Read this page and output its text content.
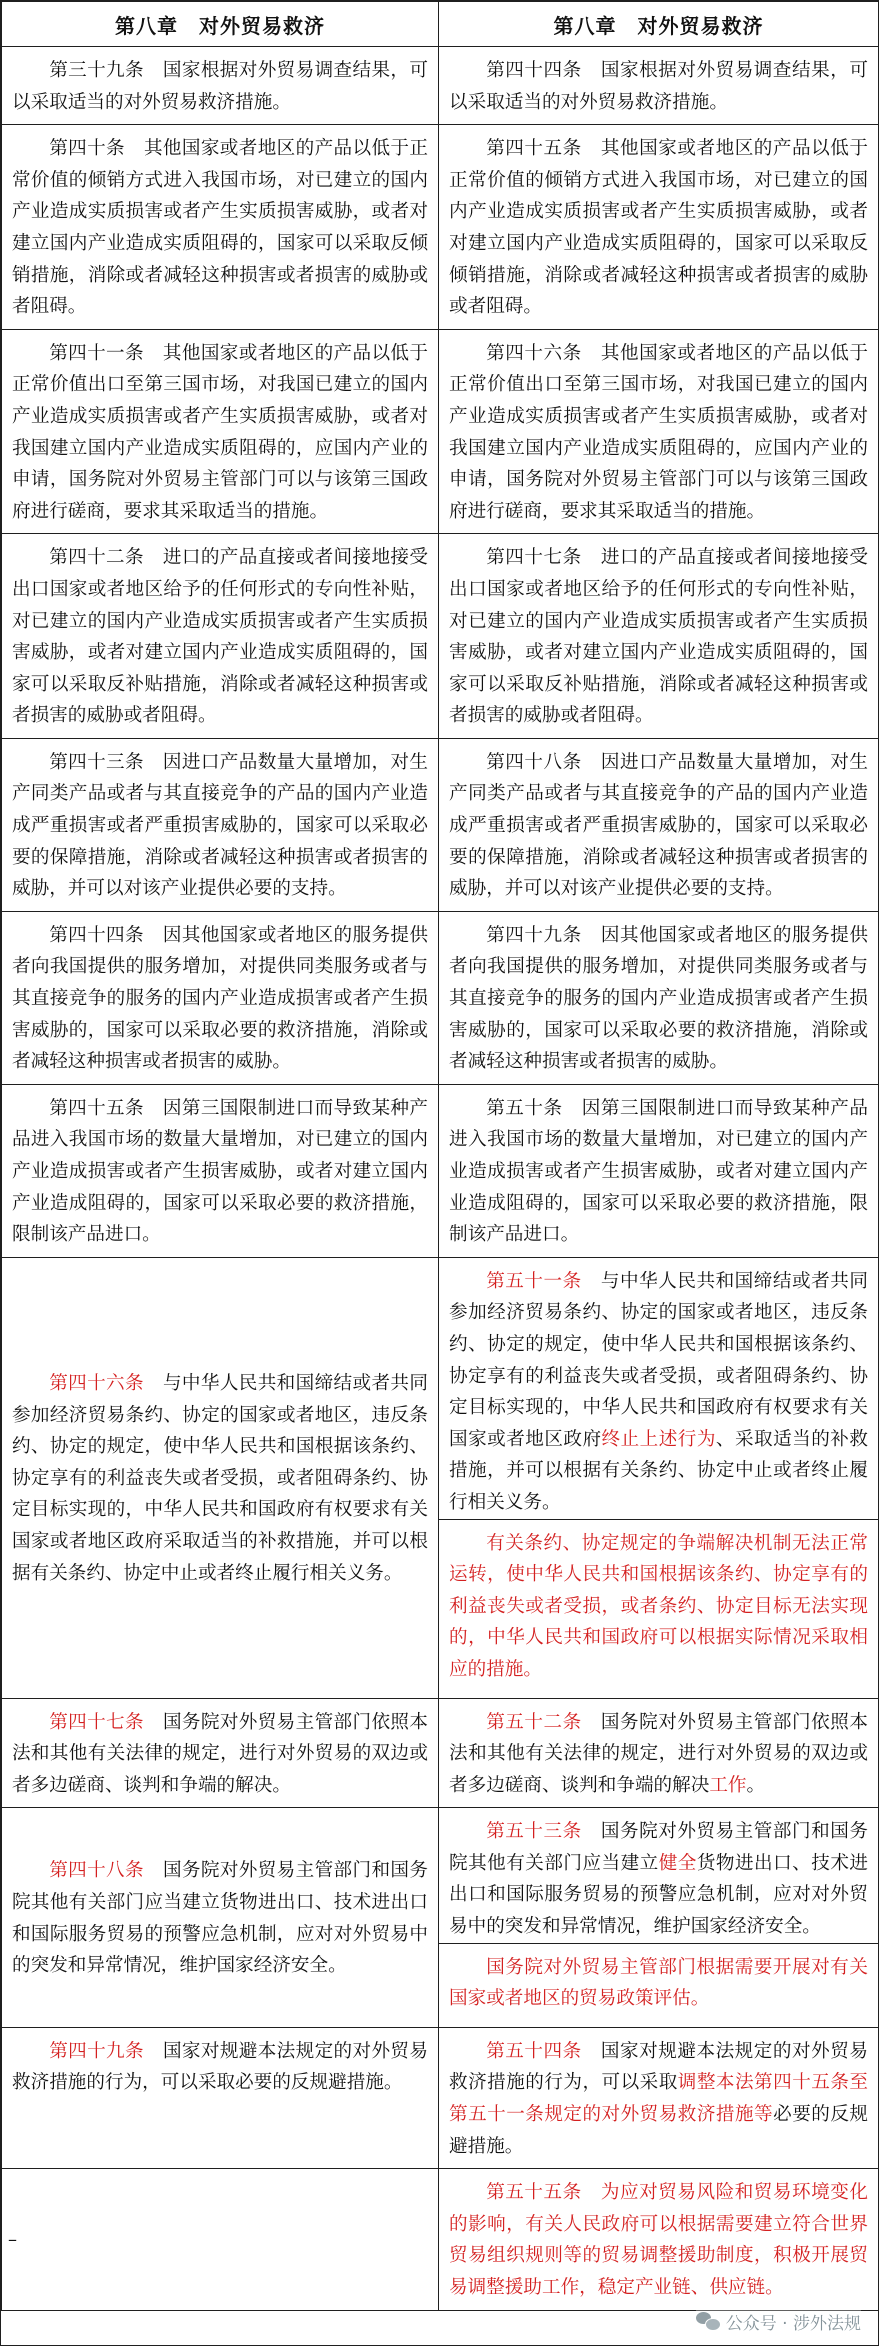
第八章　对外贸易救济	第八章　对外贸易救济

第三十九条　国家根据对外贸易调查结果，可以采取适当的对外贸易救济措施。	第四十四条　国家根据对外贸易调查结果，可以采取适当的对外贸易救济措施。

第四十条　其他国家或者地区的产品以低于正常价值的倾销方式进入我国市场，对已建立的国内产业造成实质损害或者产生实质损害威胁，或者对建立国内产业造成实质阻碍的，国家可以采取反倾销措施，消除或者减轻这种损害或者损害的威胁或者阻碍。	第四十五条　其他国家或者地区的产品以低于正常价值的倾销方式进入我国市场，对已建立的国内产业造成实质损害或者产生实质损害威胁，或者对建立国内产业造成实质阻碍的，国家可以采取反倾销措施，消除或者减轻这种损害或者损害的威胁或者阻碍。

第四十一条　其他国家或者地区的产品以低于正常价值出口至第三国市场，对我国已建立的国内产业造成实质损害或者产生实质损害威胁，或者对我国建立国内产业造成实质阻碍的，应国内产业的申请，国务院对外贸易主管部门可以与该第三国政府进行磋商，要求其采取适当的措施。	第四十六条　其他国家或者地区的产品以低于正常价值出口至第三国市场，对我国已建立的国内产业造成实质损害或者产生实质损害威胁，或者对我国建立国内产业造成实质阻碍的，应国内产业的申请，国务院对外贸易主管部门可以与该第三国政府进行磋商，要求其采取适当的措施。

第四十二条　进口的产品直接或者间接地接受出口国家或者地区给予的任何形式的专向性补贴，对已建立的国内产业造成实质损害或者产生实质损害威胁，或者对建立国内产业造成实质阻碍的，国家可以采取反补贴措施，消除或者减轻这种损害或者损害的威胁或者阻碍。	第四十七条　进口的产品直接或者间接地接受出口国家或者地区给予的任何形式的专向性补贴，对已建立的国内产业造成实质损害或者产生实质损害威胁，或者对建立国内产业造成实质阻碍的，国家可以采取反补贴措施，消除或者减轻这种损害或者损害的威胁或者阻碍。

第四十三条　因进口产品数量大量增加，对生产同类产品或者与其直接竞争的产品的国内产业造成严重损害或者严重损害威胁的，国家可以采取必要的保障措施，消除或者减轻这种损害或者损害的威胁，并可以对该产业提供必要的支持。	第四十八条　因进口产品数量大量增加，对生产同类产品或者与其直接竞争的产品的国内产业造成严重损害或者严重损害威胁的，国家可以采取必要的保障措施，消除或者减轻这种损害或者损害的威胁，并可以对该产业提供必要的支持。

第四十四条　因其他国家或者地区的服务提供者向我国提供的服务增加，对提供同类服务或者与其直接竞争的服务的国内产业造成损害或者产生损害威胁的，国家可以采取必要的救济措施，消除或者减轻这种损害或者损害的威胁。	第四十九条　因其他国家或者地区的服务提供者向我国提供的服务增加，对提供同类服务或者与其直接竞争的服务的国内产业造成损害或者产生损害威胁的，国家可以采取必要的救济措施，消除或者减轻这种损害或者损害的威胁。

第四十五条　因第三国限制进口而导致某种产品进入我国市场的数量大量增加，对已建立的国内产业造成损害或者产生损害威胁，或者对建立国内产业造成阻碍的，国家可以采取必要的救济措施，限制该产品进口。	第五十条　因第三国限制进口而导致某种产品进入我国市场的数量大量增加，对已建立的国内产业造成损害或者产生损害威胁，或者对建立国内产业造成阻碍的，国家可以采取必要的救济措施，限制该产品进口。

第四十六条　与中华人民共和国缔结或者共同参加经济贸易条约、协定的国家或者地区，违反条约、协定的规定，使中华人民共和国根据该条约、协定享有的利益丧失或者受损，或者阻碍条约、协定目标实现的，中华人民共和国政府有权要求有关国家或者地区政府采取适当的补救措施，并可以根据有关条约、协定中止或者终止履行相关义务。	第五十一条　与中华人民共和国缔结或者共同参加经济贸易条约、协定的国家或者地区，违反条约、协定的规定，使中华人民共和国根据该条约、协定享有的利益丧失或者受损，或者阻碍条约、协定目标实现的，中华人民共和国政府有权要求有关国家或者地区政府终止上述行为、采取适当的补救措施，并可以根据有关条约、协定中止或者终止履行相关义务。
有关条约、协定规定的争端解决机制无法正常运转，使中华人民共和国根据该条约、协定享有的利益丧失或者受损，或者条约、协定目标无法实现的，中华人民共和国政府可以根据实际情况采取相应的措施。

第四十七条　国务院对外贸易主管部门依照本法和其他有关法律的规定，进行对外贸易的双边或者多边磋商、谈判和争端的解决。	第五十二条　国务院对外贸易主管部门依照本法和其他有关法律的规定，进行对外贸易的双边或者多边磋商、谈判和争端的解决工作。

第四十八条　国务院对外贸易主管部门和国务院其他有关部门应当建立货物进出口、技术进出口和国际服务贸易的预警应急机制，应对对外贸易中的突发和异常情况，维护国家经济安全。	第五十三条　国务院对外贸易主管部门和国务院其他有关部门应当建立健全货物进出口、技术进出口和国际服务贸易的预警应急机制，应对对外贸易中的突发和异常情况，维护国家经济安全。
国务院对外贸易主管部门根据需要开展对有关国家或者地区的贸易政策评估。

第四十九条　国家对规避本法规定的对外贸易救济措施的行为，可以采取必要的反规避措施。	第五十四条　国家对规避本法规定的对外贸易救济措施的行为，可以采取调整本法第四十五条至第五十一条规定的对外贸易救济措施等必要的反规避措施。

–	第五十五条　为应对贸易风险和贸易环境变化的影响，有关人民政府可以根据需要建立符合世界贸易组织规则等的贸易调整援助制度，积极开展贸易调整援助工作，稳定产业链、供应链。
公众号 · 涉外法规
